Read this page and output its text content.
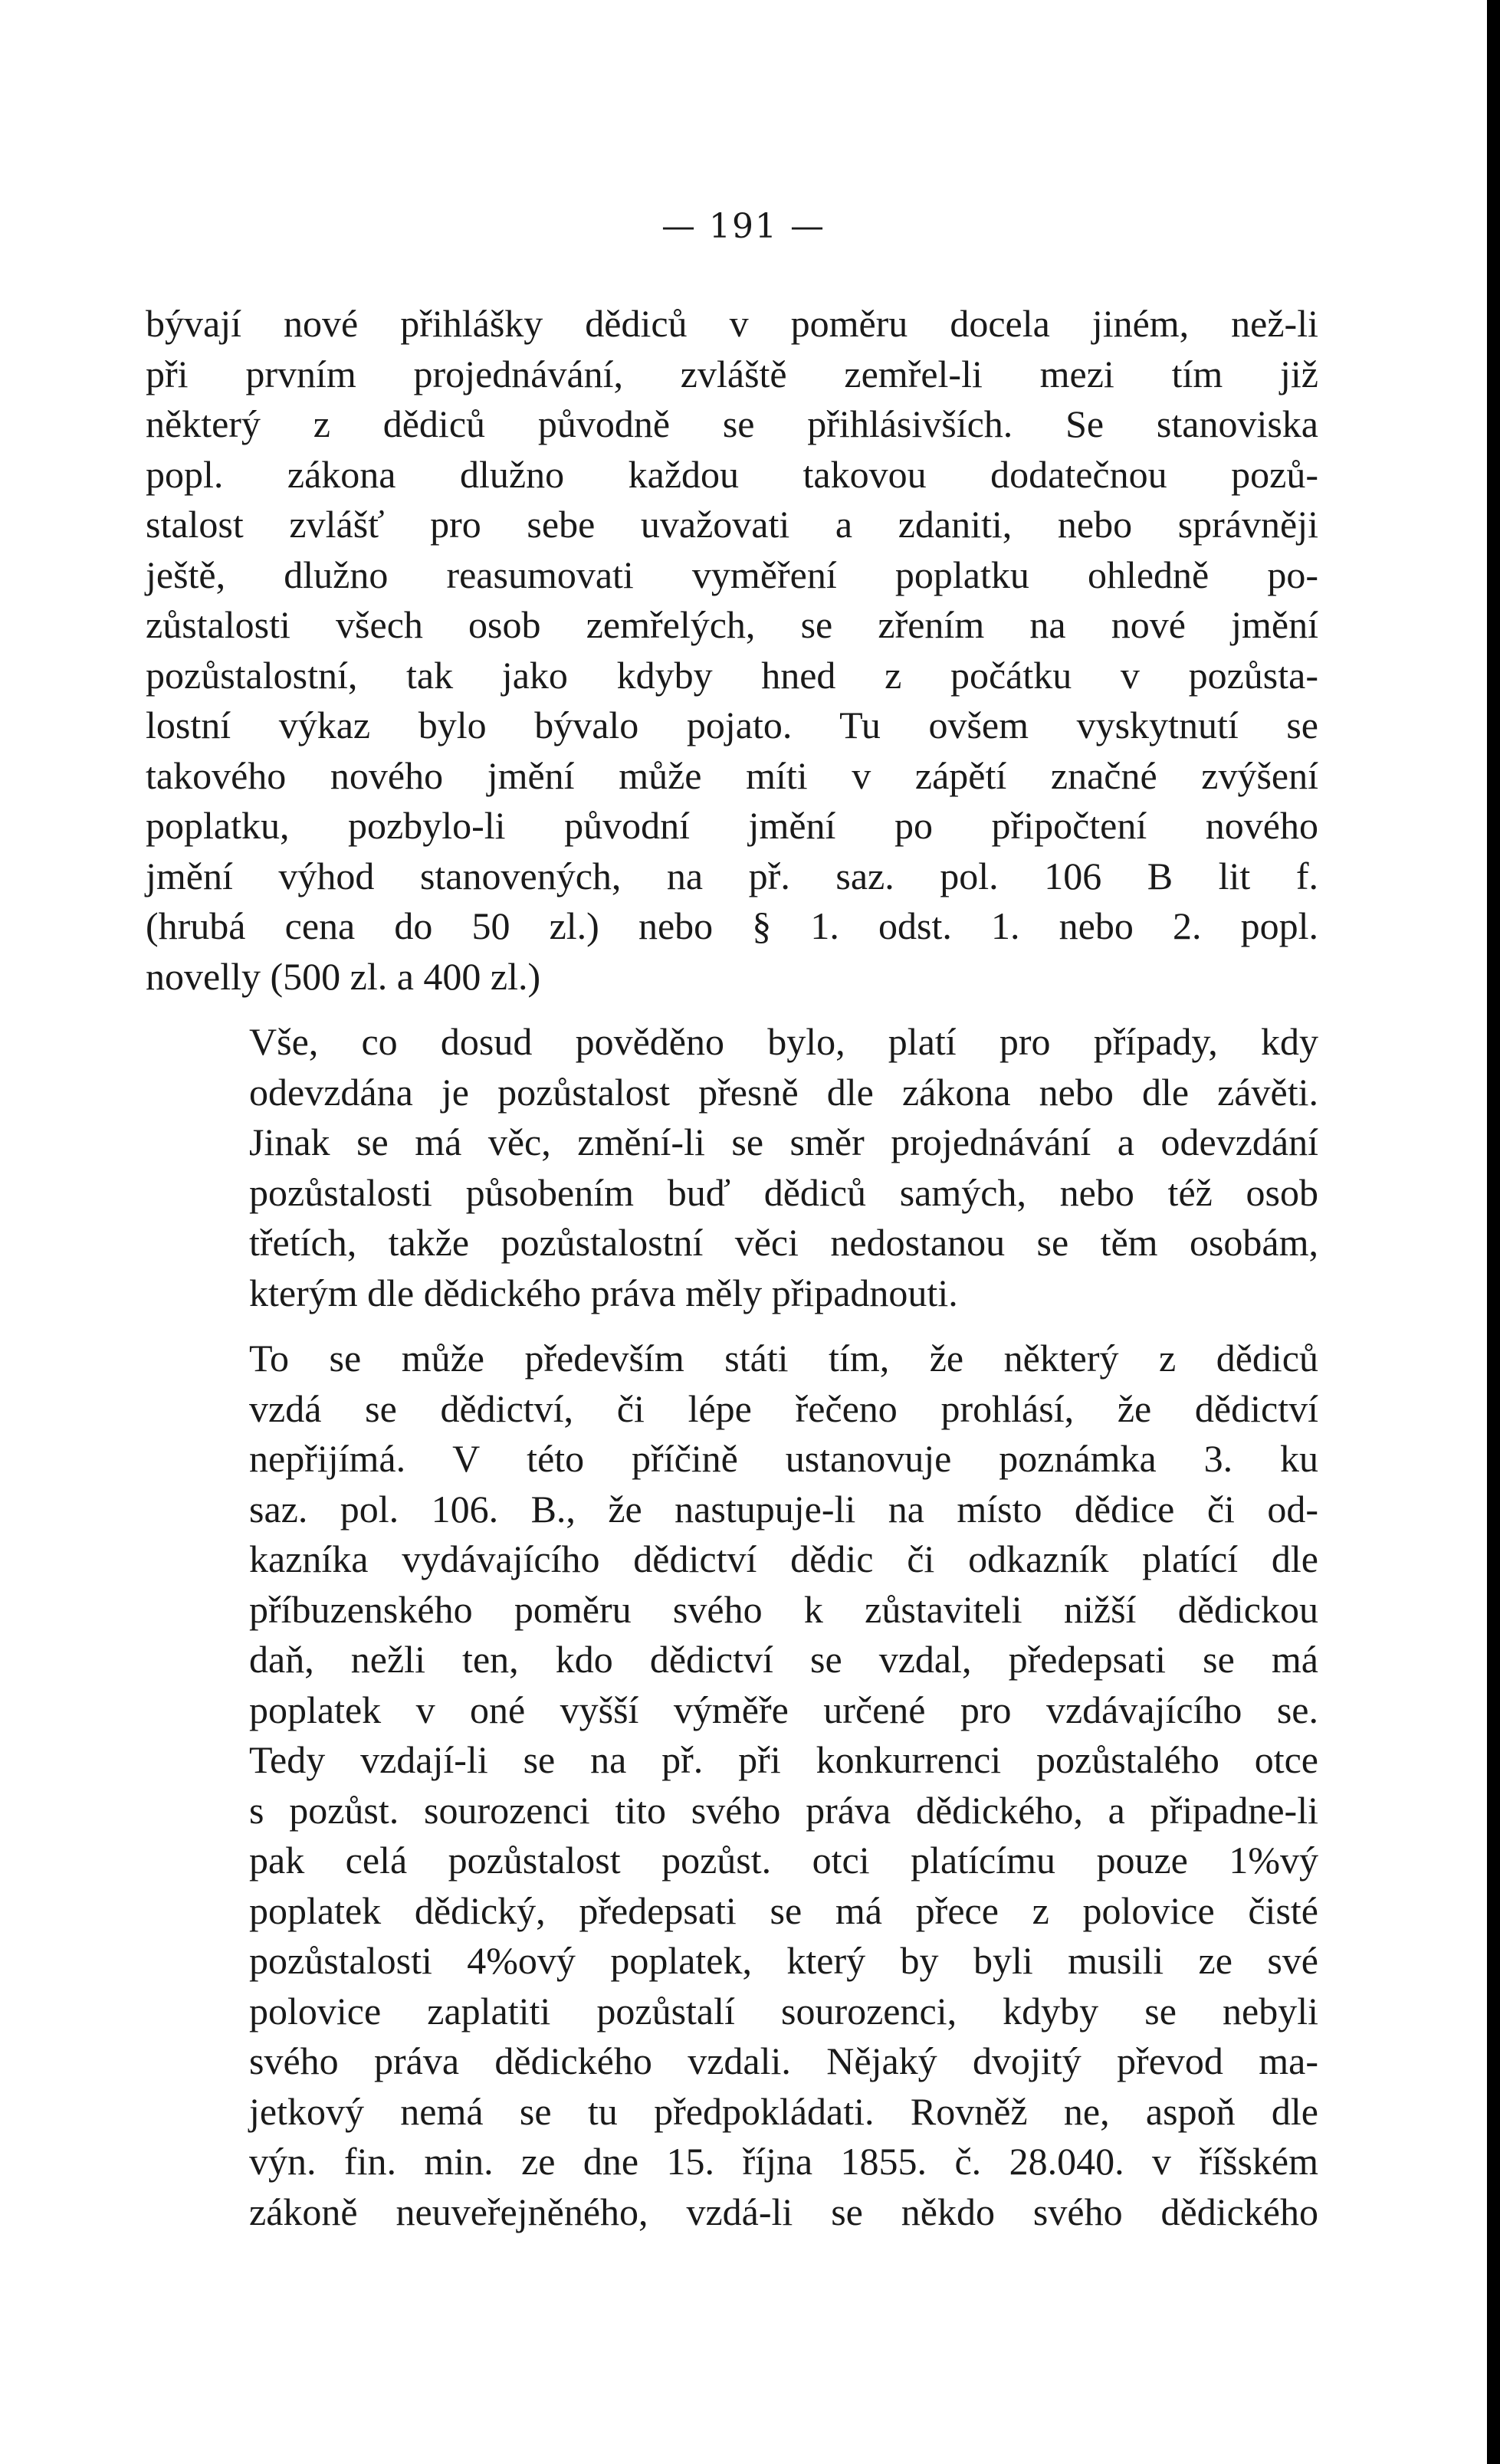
— 191 —
bývají nové přihlášky dědiců v poměru docela jiném, než-li
při prvním projednávání, zvláště zemřel-li mezi tím již
některý z dědiců původně se přihlásivších. Se stanoviska
popl. zákona dlužno každou takovou dodatečnou pozů-
stalost zvlášť pro sebe uvažovati a zdaniti, nebo správněji
ještě, dlužno reasumovati vyměření poplatku ohledně po-
zůstalosti všech osob zemřelých, se zřením na nové jmění
pozůstalostní, tak jako kdyby hned z počátku v pozůsta-
lostní výkaz bylo bývalo pojato. Tu ovšem vyskytnutí se
takového nového jmění může míti v zápětí značné zvýšení
poplatku, pozbylo-li původní jmění po připočtení nového
jmění výhod stanovených, na př. saz. pol. 106 B lit f.
(hrubá cena do 50 zl.) nebo § 1. odst. 1. nebo 2. popl.
novelly (500 zl. a 400 zl.)
Vše, co dosud pověděno bylo, platí pro případy, kdy
odevzdána je pozůstalost přesně dle zákona nebo dle závěti.
Jinak se má věc, změní-li se směr projednávání a odevzdání
pozůstalosti působením buď dědiců samých, nebo též osob
třetích, takže pozůstalostní věci nedostanou se těm osobám,
kterým dle dědického práva měly připadnouti.
To se může především státi tím, že některý z dědiců
vzdá se dědictví, či lépe řečeno prohlásí, že dědictví
nepřijímá. V této příčině ustanovuje poznámka 3. ku
saz. pol. 106. B., že nastupuje-li na místo dědice či od-
kazníka vydávajícího dědictví dědic či odkazník platící dle
příbuzenského poměru svého k zůstaviteli nižší dědickou
daň, nežli ten, kdo dědictví se vzdal, předepsati se má
poplatek v oné vyšší výměře určené pro vzdávajícího se.
Tedy vzdají-li se na př. při konkurrenci pozůstalého otce
s pozůst. sourozenci tito svého práva dědického, a připadne-li
pak celá pozůstalost pozůst. otci platícímu pouze 1%vý
poplatek dědický, předepsati se má přece z polovice čisté
pozůstalosti 4%ový poplatek, který by byli musili ze své
polovice zaplatiti pozůstalí sourozenci, kdyby se nebyli
svého práva dědického vzdali. Nějaký dvojitý převod ma-
jetkový nemá se tu předpokládati. Rovněž ne, aspoň dle
výn. fin. min. ze dne 15. října 1855. č. 28.040. v říšském
zákoně neuveřejněného, vzdá-li se někdo svého dědického
